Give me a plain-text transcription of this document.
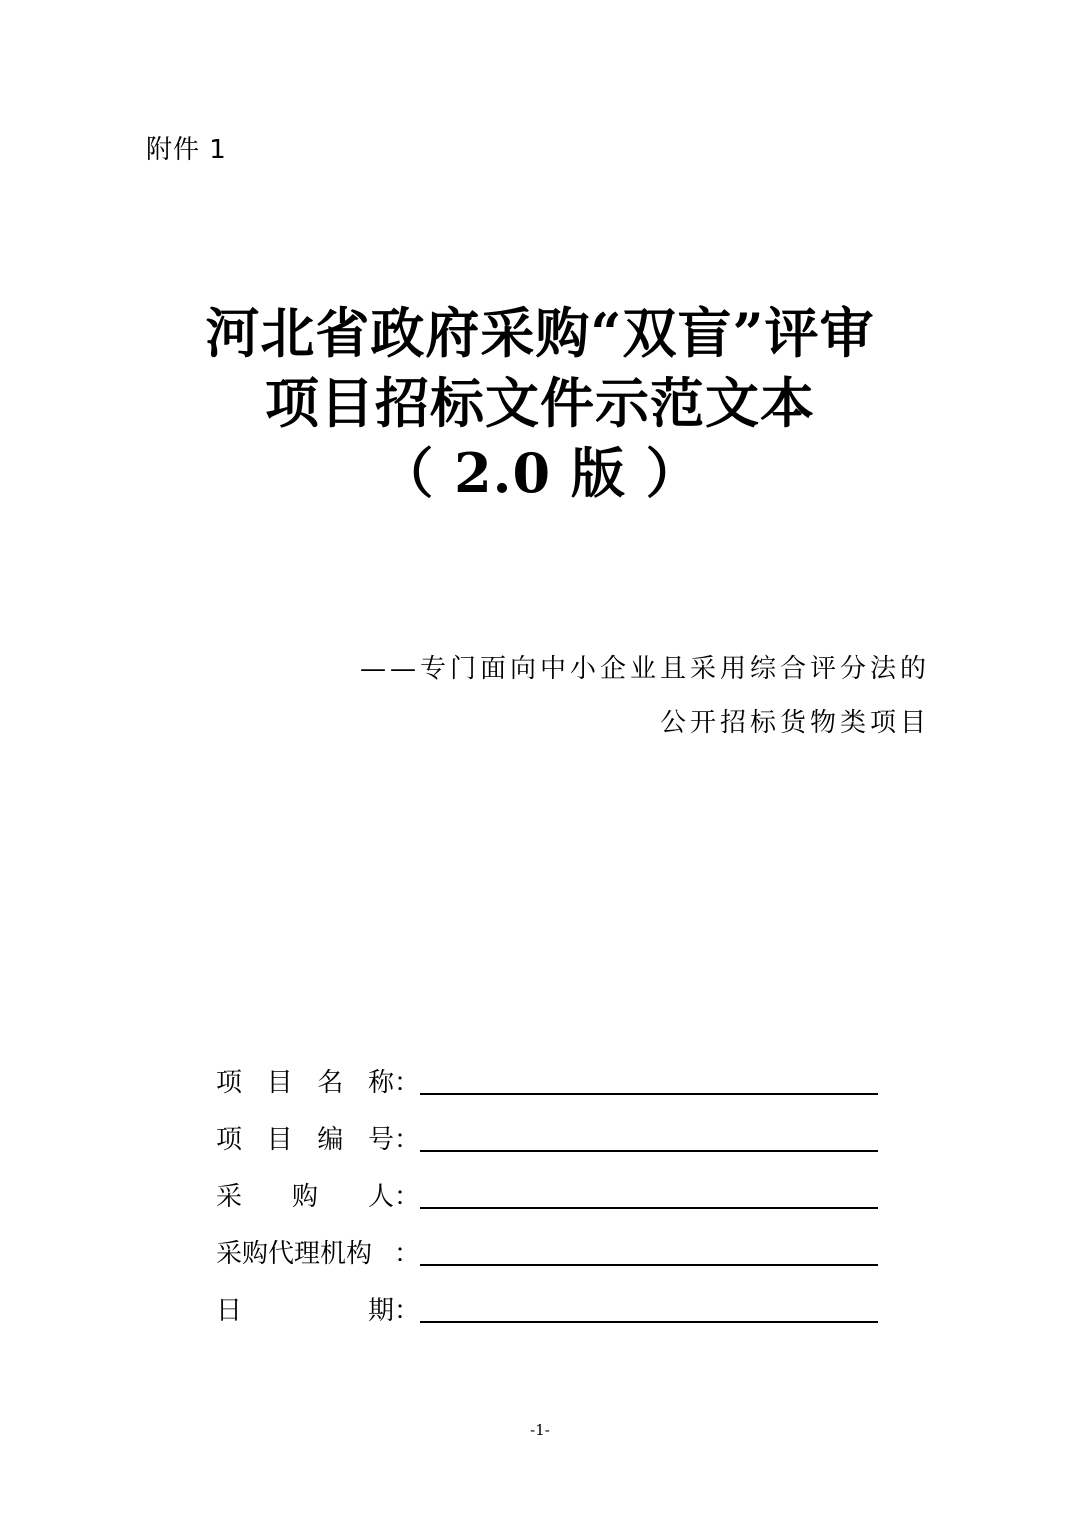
附件 1
河北省政府采购“双盲”评审
项目招标文件示范文本
（ 2.0 版 ）
——专门面向中小企业且采用综合评分法的
公开招标货物类项目
项 目 名 称 ：
项 目 编 号 ：
采 购 人 ：
采购代理机构 ：
日	期 ：
-1-
